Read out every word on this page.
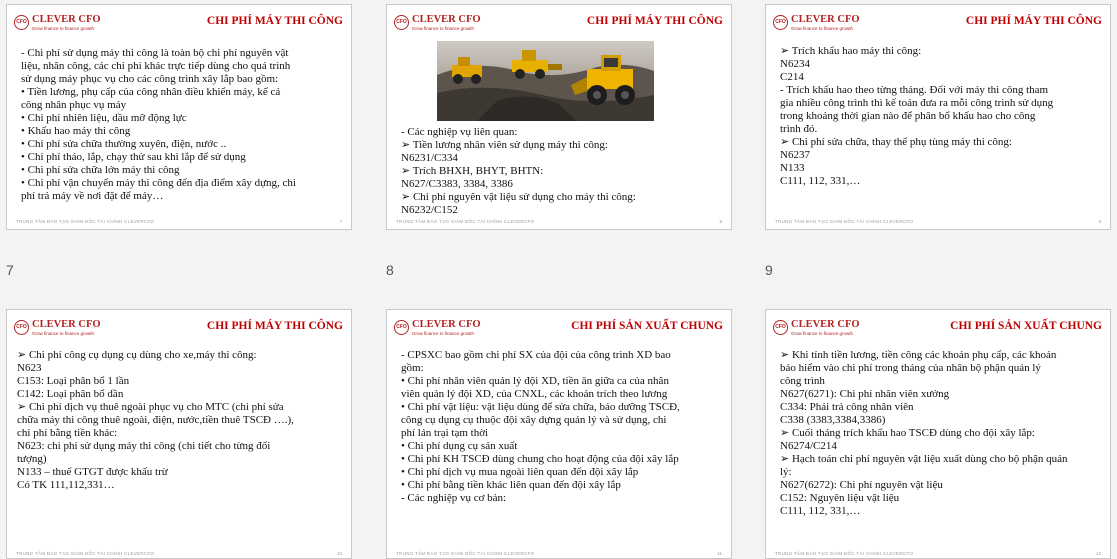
CFO CLEVER CFO
Grow finance to finance growth
CHI PHÍ MÁY THI CÔNG
- Chi phí sử dụng máy thi công là toàn bộ chi phí nguyên vật
liệu, nhân công, các chi phí khác trực tiếp dùng cho quá trình
sử dụng máy phục vụ cho các công trình xây lắp bao gồm:
• Tiền lương, phụ cấp của công nhân điều khiển máy, kể cả
công nhân phục vụ máy
• Chi phí nhiên liệu, dầu mỡ động lực
• Khấu hao máy thi công
• Chi phí sửa chữa thường xuyên, điện, nước ..
• Chi phí tháo, lắp, chạy thử sau khi lắp để sử dụng
• Chi phí sửa chữa lớn máy thi công
• Chi phí vận chuyển máy thi công đến địa điểm xây dựng, chi
phí trả máy về nơi đặt để máy…
TRUNG TÂM ĐÀO TẠO GIÁM ĐỐC TÀI CHÍNH CLEVERCFO	7
7
CFO CLEVER CFO
Grow finance to finance growth
CHI PHÍ MÁY THI CÔNG
- Các nghiệp vụ liên quan:
➢ Tiền lương nhân viên sử dụng máy thi công:
N6231/C334
➢ Trích BHXH, BHYT, BHTN:
N627/C3383, 3384, 3386
➢ Chi phí nguyên vật liệu sử dụng cho máy thi công:
N6232/C152
TRUNG TÂM ĐÀO TẠO GIÁM ĐỐC TÀI CHÍNH CLEVERCFO	8
8
CFO CLEVER CFO
Grow finance to finance growth
CHI PHÍ MÁY THI CÔNG
➢ Trích khấu hao máy thi công:
N6234
C214
- Trích khấu hao theo từng tháng. Đối với máy thi công tham
gia nhiều công trình thì kế toán đưa ra mỗi công trình sử dụng
trong khoảng thời gian nào để phân bổ khấu hao cho công
trình đó.
➢ Chi phí sửa chữa, thay thế phụ tùng máy thi công:
N6237
N133
C111, 112, 331,…
TRUNG TÂM ĐÀO TẠO GIÁM ĐỐC TÀI CHÍNH CLEVERCFO	9
9
CFO CLEVER CFO
Grow finance to finance growth
CHI PHÍ MÁY THI CÔNG
➢ Chi phí công cụ dụng cụ dùng cho xe,máy thi công:
N623
C153: Loại phân bổ 1 lần
C142: Loại phân bổ dần
➢ Chi phí dịch vụ thuê ngoài phục vụ cho MTC (chi phí sửa
chữa máy thi công thuê ngoài, điện, nước,tiền thuê TSCĐ ….),
chi phí bằng tiền khác:
N623: chi phí sử dụng máy thi công (chi tiết cho từng đối
tượng)
N133 – thuế GTGT được khấu trừ
Có TK 111,112,331…
TRUNG TÂM ĐÀO TẠO GIÁM ĐỐC TÀI CHÍNH CLEVERCFO	10
CFO CLEVER CFO
Grow finance to finance growth
CHI PHÍ SẢN XUẤT CHUNG
- CPSXC bao gồm chi phí SX của đội của công trình XD bao
gồm:
• Chi phí nhân viên quản lý đội XD, tiền ăn giữa ca của nhân
viên quản lý đội XD, của CNXL, các khoản trích theo lương
• Chi phí vật liệu: vật liệu dùng để sửa chữa, bảo dưỡng TSCĐ,
công cụ dụng cụ thuộc đội xây dựng quản lý và sử dụng, chi
phí lán trại tạm thời
• Chi phí dụng cụ sản xuất
• Chi phí KH TSCĐ dùng chung cho hoạt động của đội xây lắp
• Chi phí dịch vụ mua ngoài liên quan đến đội xây lắp
• Chi phí bằng tiền khác liên quan đến đội xây lắp
- Các nghiệp vụ cơ bản:
TRUNG TÂM ĐÀO TẠO GIÁM ĐỐC TÀI CHÍNH CLEVERCFO	11
CFO CLEVER CFO
Grow finance to finance growth
CHI PHÍ SẢN XUẤT CHUNG
➢ Khi tính tiền lương, tiền công các khoản phụ cấp, các khoản
bảo hiểm vào chi phí trong tháng của nhân bộ phận quản lý
công trình
N627(6271): Chi phí nhân viên xưởng
C334: Phải trả công nhân viên
C338 (3383,3384,3386)
➢ Cuối tháng trích khấu hao TSCĐ dùng cho đội xây lắp:
N6274/C214
➢ Hạch toán chi phí nguyên vật liệu xuất dùng cho bộ phận quản
lý:
N627(6272): Chi phí nguyên vật liệu
C152: Nguyên liệu vật liệu
C111, 112, 331,…
TRUNG TÂM ĐÀO TẠO GIÁM ĐỐC TÀI CHÍNH CLEVERCFO	12
